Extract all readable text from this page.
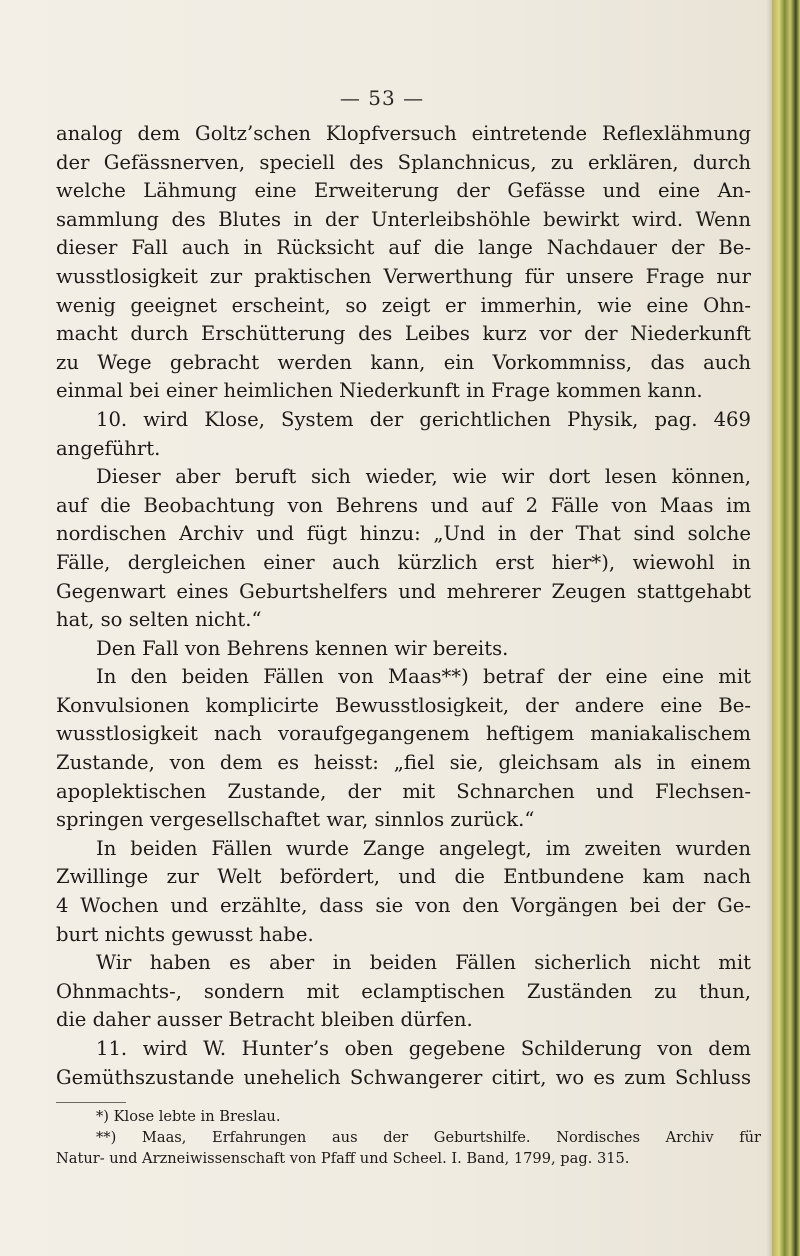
— 53 —
analog dem Goltz’schen Klopfversuch eintretende Reflexlähmung
der Gefässnerven, speciell des Splanchnicus, zu erklären, durch
welche Lähmung eine Erweiterung der Gefässe und eine An-
sammlung des Blutes in der Unterleibshöhle bewirkt wird. Wenn
dieser Fall auch in Rücksicht auf die lange Nachdauer der Be-
wusstlosigkeit zur praktischen Verwerthung für unsere Frage nur
wenig geeignet erscheint, so zeigt er immerhin, wie eine Ohn-
macht durch Erschütterung des Leibes kurz vor der Niederkunft
zu Wege gebracht werden kann, ein Vorkommniss, das auch
einmal bei einer heimlichen Niederkunft in Frage kommen kann.
10. wird Klose, System der gerichtlichen Physik, pag. 469
angeführt.
Dieser aber beruft sich wieder, wie wir dort lesen können,
auf die Beobachtung von Behrens und auf 2 Fälle von Maas im
nordischen Archiv und fügt hinzu: „Und in der That sind solche
Fälle, dergleichen einer auch kürzlich erst hier*), wiewohl in
Gegenwart eines Geburtshelfers und mehrerer Zeugen stattgehabt
hat, so selten nicht.“
Den Fall von Behrens kennen wir bereits.
In den beiden Fällen von Maas**) betraf der eine eine mit
Konvulsionen komplicirte Bewusstlosigkeit, der andere eine Be-
wusstlosigkeit nach voraufgegangenem heftigem maniakalischem
Zustande, von dem es heisst: „fiel sie, gleichsam als in einem
apoplektischen Zustande, der mit Schnarchen und Flechsen-
springen vergesellschaftet war, sinnlos zurück.“
In beiden Fällen wurde Zange angelegt, im zweiten wurden
Zwillinge zur Welt befördert, und die Entbundene kam nach
4 Wochen und erzählte, dass sie von den Vorgängen bei der Ge-
burt nichts gewusst habe.
Wir haben es aber in beiden Fällen sicherlich nicht mit
Ohnmachts-, sondern mit eclamptischen Zuständen zu thun,
die daher ausser Betracht bleiben dürfen.
11. wird W. Hunter’s oben gegebene Schilderung von dem
Gemüthszustande unehelich Schwangerer citirt, wo es zum Schluss
*) Klose lebte in Breslau.
**) Maas, Erfahrungen aus der Geburtshilfe. Nordisches Archiv für
Natur- und Arzneiwissenschaft von Pfaff und Scheel. I. Band, 1799, pag. 315.
